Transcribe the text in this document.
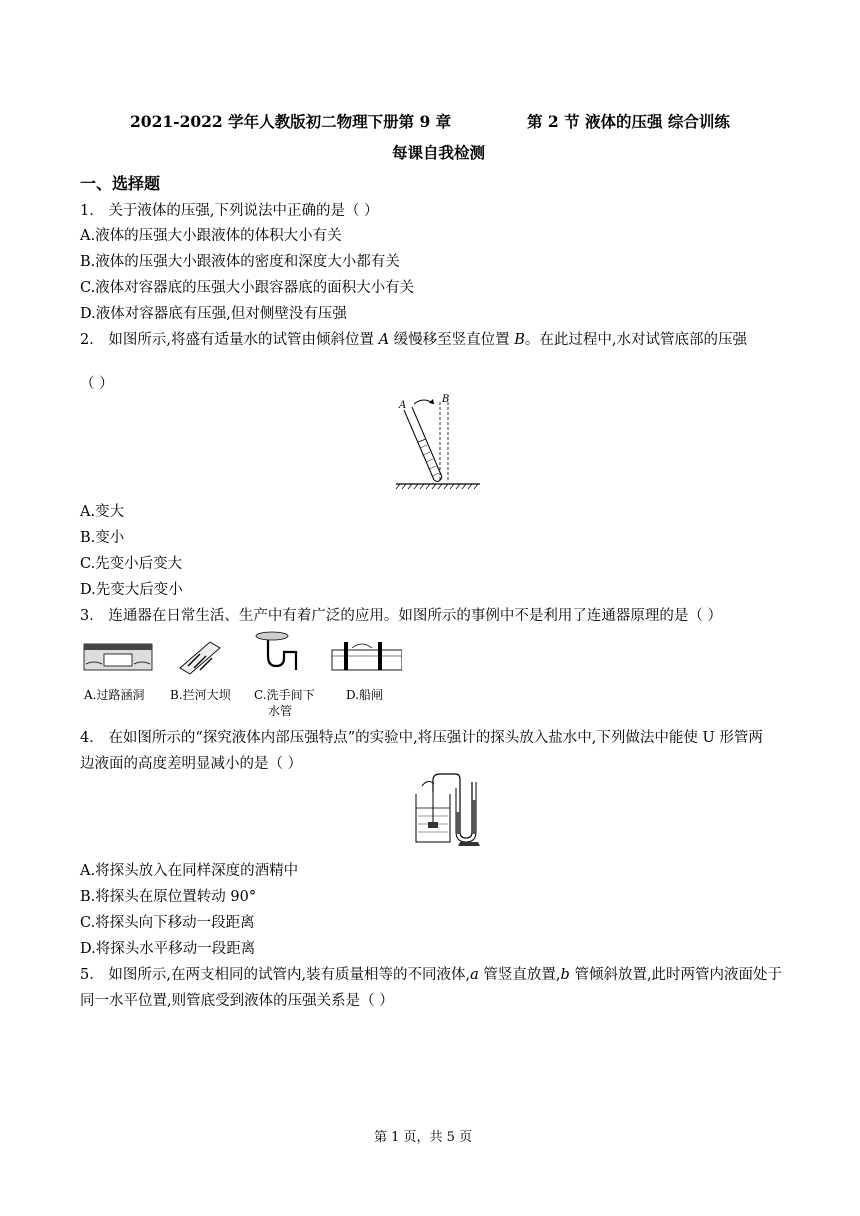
2021-2022 学年人教版初二物理下册第 9 章	第 2 节 液体的压强 综合训练
每课自我检测
一、选择题
1． 关于液体的压强,下列说法中正确的是（ ）
A.液体的压强大小跟液体的体积大小有关
B.液体的压强大小跟液体的密度和深度大小都有关
C.液体对容器底的压强大小跟容器底的面积大小有关
D.液体对容器底有压强,但对侧壁没有压强
2． 如图所示,将盛有适量水的试管由倾斜位置 A 缓慢移至竖直位置 B。在此过程中,水对试管底部的压强
（ ）
A
B
A.变大
B.变小
C.先变小后变大
D.先变大后变小
3． 连通器在日常生活、生产中有着广泛的应用。如图所示的事例中不是利用了连通器原理的是（ ）
A.过路涵洞 B.拦河大坝 C.洗手间下
水管
D.船闸
4． 在如图所示的“探究液体内部压强特点”的实验中,将压强计的探头放入盐水中,下列做法中能使 U 形管两
边液面的高度差明显减小的是（ ）
A.将探头放入在同样深度的酒精中
B.将探头在原位置转动 90°
C.将探头向下移动一段距离
D.将探头水平移动一段距离
5． 如图所示,在两支相同的试管内,装有质量相等的不同液体,a 管竖直放置,b 管倾斜放置,此时两管内液面处于
同一水平位置,则管底受到液体的压强关系是（ ）
第 1 页，共 5 页
